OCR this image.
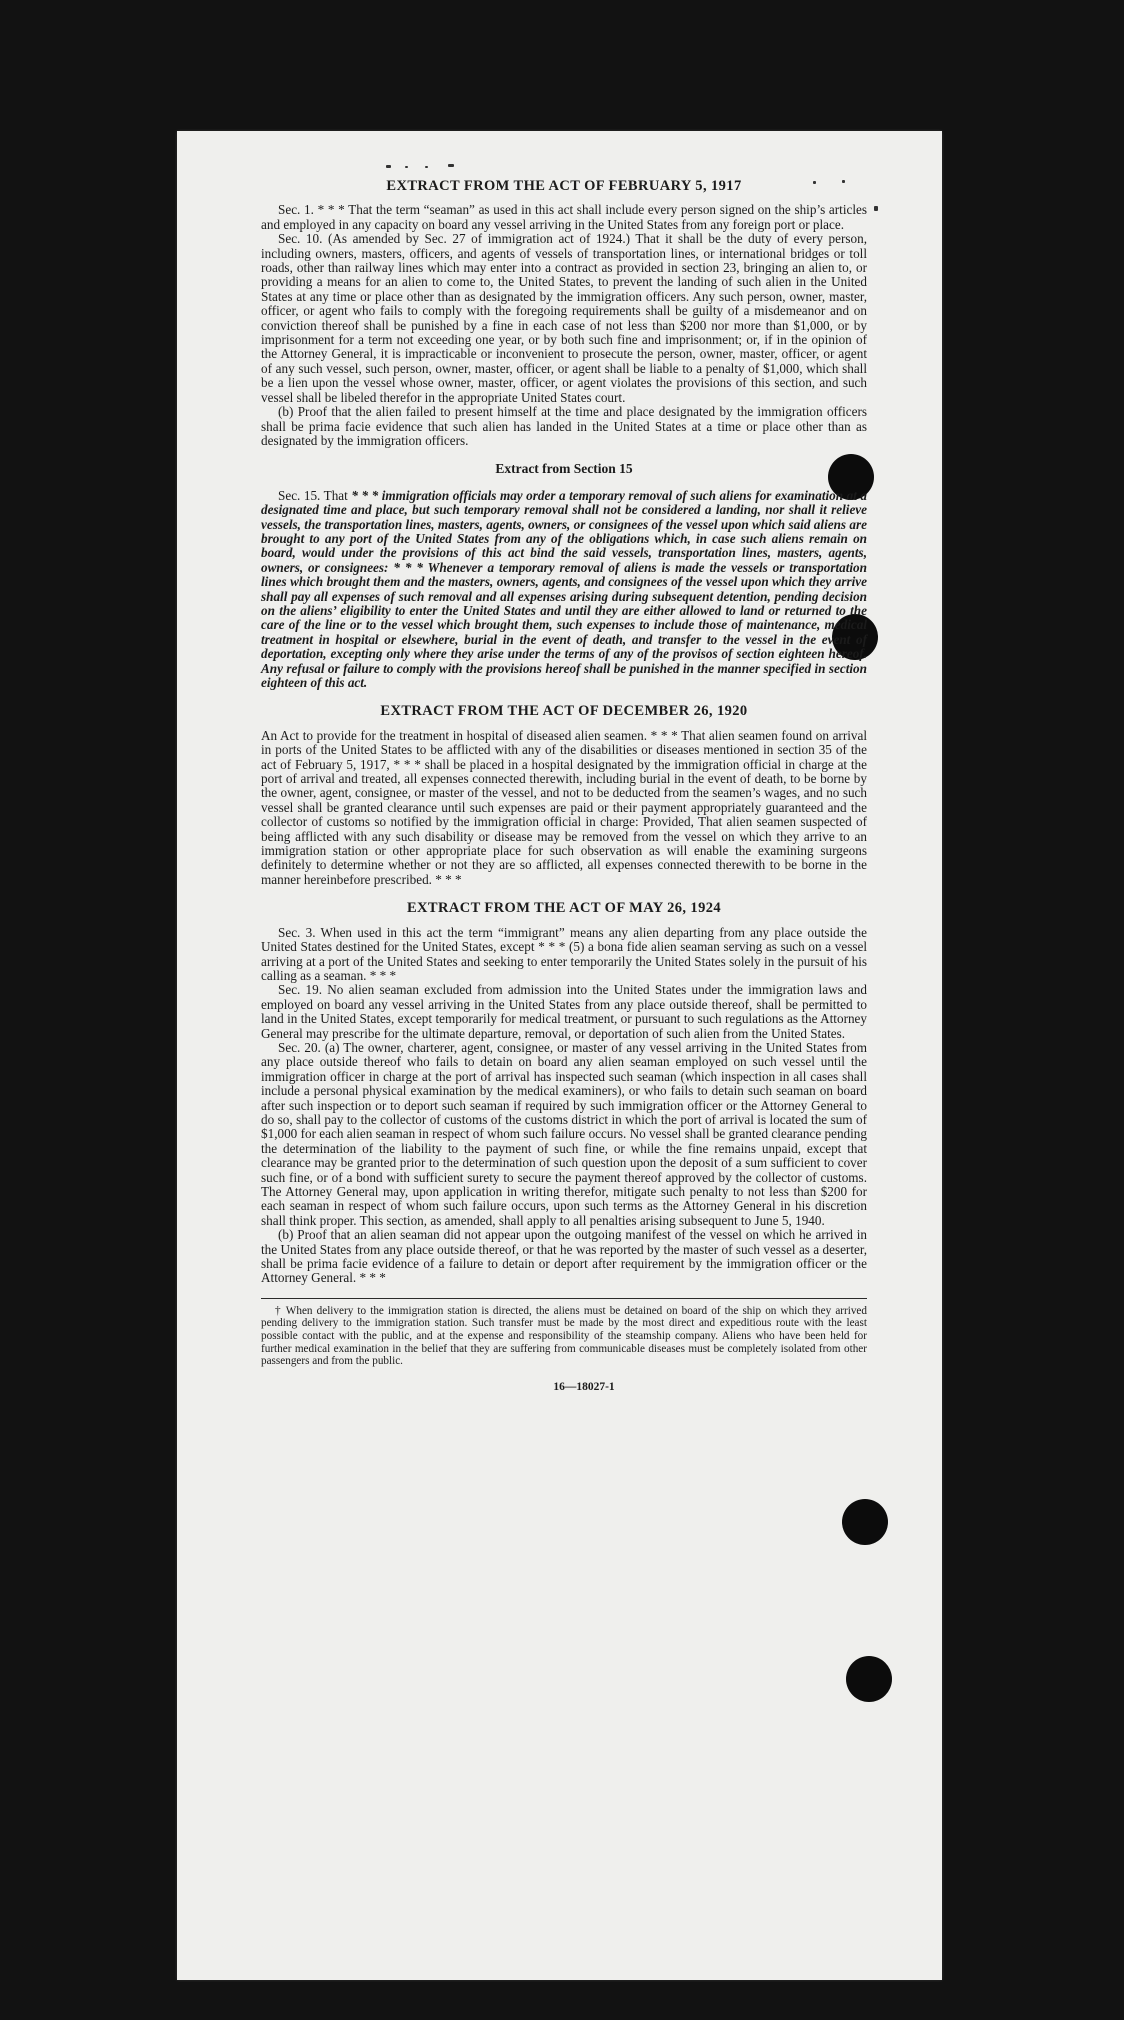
EXTRACT FROM THE ACT OF FEBRUARY 5, 1917

Sec. 1. * * * That the term “seaman” as used in this act shall include every person signed on the ship’s articles and employed in any capacity on board any vessel arriving in the United States from any foreign port or place.

Sec. 10. (As amended by Sec. 27 of immigration act of 1924.) That it shall be the duty of every person, including owners, masters, officers, and agents of vessels of transportation lines, or international bridges or toll roads, other than railway lines which may enter into a contract as provided in section 23, bringing an alien to, or providing a means for an alien to come to, the United States, to prevent the landing of such alien in the United States at any time or place other than as designated by the immigration officers. Any such person, owner, master, officer, or agent who fails to comply with the foregoing requirements shall be guilty of a misdemeanor and on conviction thereof shall be punished by a fine in each case of not less than $200 nor more than $1,000, or by imprisonment for a term not exceeding one year, or by both such fine and imprisonment; or, if in the opinion of the Attorney General, it is impracticable or inconvenient to prosecute the person, owner, master, officer, or agent of any such vessel, such person, owner, master, officer, or agent shall be liable to a penalty of $1,000, which shall be a lien upon the vessel whose owner, master, officer, or agent violates the provisions of this section, and such vessel shall be libeled therefor in the appropriate United States court.

(b) Proof that the alien failed to present himself at the time and place designated by the immigration officers shall be prima facie evidence that such alien has landed in the United States at a time or place other than as designated by the immigration officers.

Extract from Section 15

Sec. 15. That * * * immigration officials may order a temporary removal of such aliens for examination at a designated time and place, but such temporary removal shall not be considered a landing, nor shall it relieve vessels, the transportation lines, masters, agents, owners, or consignees of the vessel upon which said aliens are brought to any port of the United States from any of the obligations which, in case such aliens remain on board, would under the provisions of this act bind the said vessels, transportation lines, masters, agents, owners, or consignees: * * * Whenever a temporary removal of aliens is made the vessels or transportation lines which brought them and the masters, owners, agents, and consignees of the vessel upon which they arrive shall pay all expenses of such removal and all expenses arising during subsequent detention, pending decision on the aliens’ eligibility to enter the United States and until they are either allowed to land or returned to the care of the line or to the vessel which brought them, such expenses to include those of maintenance, medical treatment in hospital or elsewhere, burial in the event of death, and transfer to the vessel in the event of deportation, excepting only where they arise under the terms of any of the provisos of section eighteen hereof. Any refusal or failure to comply with the provisions hereof shall be punished in the manner specified in section eighteen of this act.

EXTRACT FROM THE ACT OF DECEMBER 26, 1920

An Act to provide for the treatment in hospital of diseased alien seamen. * * * That alien seamen found on arrival in ports of the United States to be afflicted with any of the disabilities or diseases mentioned in section 35 of the act of February 5, 1917, * * * shall be placed in a hospital designated by the immigration official in charge at the port of arrival and treated, all expenses connected therewith, including burial in the event of death, to be borne by the owner, agent, consignee, or master of the vessel, and not to be deducted from the seamen’s wages, and no such vessel shall be granted clearance until such expenses are paid or their payment appropriately guaranteed and the collector of customs so notified by the immigration official in charge: Provided, That alien seamen suspected of being afflicted with any such disability or disease may be removed from the vessel on which they arrive to an immigration station or other appropriate place for such observation as will enable the examining surgeons definitely to determine whether or not they are so afflicted, all expenses connected therewith to be borne in the manner hereinbefore prescribed. * * *

EXTRACT FROM THE ACT OF MAY 26, 1924

Sec. 3. When used in this act the term “immigrant” means any alien departing from any place outside the United States destined for the United States, except * * * (5) a bona fide alien seaman serving as such on a vessel arriving at a port of the United States and seeking to enter temporarily the United States solely in the pursuit of his calling as a seaman. * * *

Sec. 19. No alien seaman excluded from admission into the United States under the immigration laws and employed on board any vessel arriving in the United States from any place outside thereof, shall be permitted to land in the United States, except temporarily for medical treatment, or pursuant to such regulations as the Attorney General may prescribe for the ultimate departure, removal, or deportation of such alien from the United States.

Sec. 20. (a) The owner, charterer, agent, consignee, or master of any vessel arriving in the United States from any place outside thereof who fails to detain on board any alien seaman employed on such vessel until the immigration officer in charge at the port of arrival has inspected such seaman (which inspection in all cases shall include a personal physical examination by the medical examiners), or who fails to detain such seaman on board after such inspection or to deport such seaman if required by such immigration officer or the Attorney General to do so, shall pay to the collector of customs of the customs district in which the port of arrival is located the sum of $1,000 for each alien seaman in respect of whom such failure occurs. No vessel shall be granted clearance pending the determination of the liability to the payment of such fine, or while the fine remains unpaid, except that clearance may be granted prior to the determination of such question upon the deposit of a sum sufficient to cover such fine, or of a bond with sufficient surety to secure the payment thereof approved by the collector of customs. The Attorney General may, upon application in writing therefor, mitigate such penalty to not less than $200 for each seaman in respect of whom such failure occurs, upon such terms as the Attorney General in his discretion shall think proper. This section, as amended, shall apply to all penalties arising subsequent to June 5, 1940.

(b) Proof that an alien seaman did not appear upon the outgoing manifest of the vessel on which he arrived in the United States from any place outside thereof, or that he was reported by the master of such vessel as a deserter, shall be prima facie evidence of a failure to detain or deport after requirement by the immigration officer or the Attorney General. * * *

† When delivery to the immigration station is directed, the aliens must be detained on board of the ship on which they arrived pending delivery to the immigration station. Such transfer must be made by the most direct and expeditious route with the least possible contact with the public, and at the expense and responsibility of the steamship company. Aliens who have been held for further medical examination in the belief that they are suffering from communicable diseases must be completely isolated from other passengers and from the public.

16—18027-1
